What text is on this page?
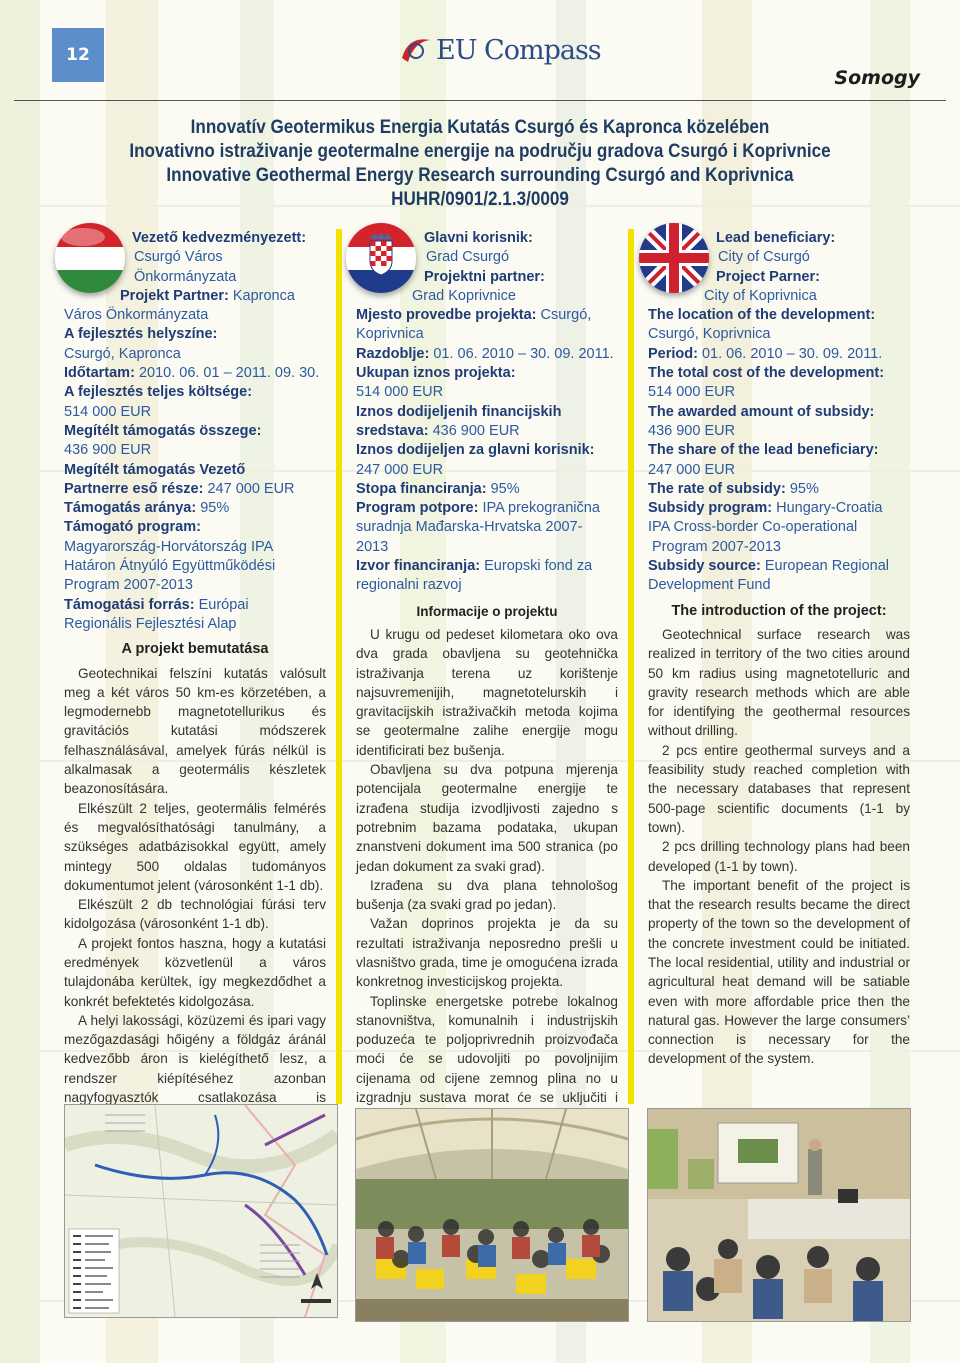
12	EU Compass
Somogy
Innovatív Geotermikus Energia Kutatás Csurgó és Kapronca közelében
Inovativno istraživanje geotermalne energije na području gradova Csurgó i Koprivnice
Innovative Geothermal Energy Research surrounding Csurgó and Koprivnica
HUHR/0901/2.1.3/0009
Vezető kedvezményezett:
Csurgó Város
Önkormányzata
Projekt Partner: Kapronca
Város Önkormányzata
A fejlesztés helyszíne:
Csurgó, Kapronca
Időtartam: 2010. 06. 01 – 2011. 09. 30.
A fejlesztés teljes költsége:
514 000 EUR
Megítélt támogatás összege:
436 900 EUR
Megítélt támogatás Vezető
Partnerre eső része: 247 000 EUR
Támogatás aránya: 95%
Támogató program:
Magyarország-Horvátország IPA
Határon Átnyúló Együttműködési
Program 2007-2013
Támogatási forrás: Európai
Regionális Fejlesztési Alap
A projekt bemutatása

Geotechnikai felszíni kutatás valósult meg a két város 50 km-es körzetében, a legmodernebb magnetotellurikus és gravitációs kutatási módszerek felhasználásával, amelyek fúrás nélkül is alkalmasak a geotermális készletek beazonosítására.

Elkészült 2 teljes, geotermális felmérés és megvalósíthatósági tanulmány, a szükséges adatbázisokkal együtt, amely mintegy 500 oldalas tudományos dokumentumot jelent (városonként 1-1 db).

Elkészült 2 db technológiai fúrási terv kidolgozása (városonként 1-1 db).

A projekt fontos haszna, hogy a kutatási eredmények közvetlenül a város tulajdonába kerültek, így megkezdődhet a konkrét befektetés kidolgozása.

A helyi lakossági, közüzemi és ipari vagy mezőgazdasági hőigény a földgáz áránál kedvezőbb áron is kielégíthető lesz, a rendszer kiépítéséhez azonban nagyfogyasztók csatlakozása is

Glavni korisnik:
Grad Csurgó
Projektni partner:
Grad Koprivnice
Mjesto provedbe projekta: Csurgó,
Koprivnica
Razdoblje: 01. 06. 2010 – 30. 09. 2011.
Ukupan iznos projekta:
514 000 EUR
Iznos dodijeljenih financijskih
sredstava: 436 900 EUR
Iznos dodijeljen za glavni korisnik:
247 000 EUR
Stopa financiranja: 95%
Program potpore: IPA prekogranična
suradnja Mađarska-Hrvatska 2007-
2013
Izvor financiranja: Europski fond za
regionalni razvoj
Informacije o projektu

U krugu od pedeset kilometara oko ova dva grada obavljena su geotehnička istraživanja terena uz korištenje najsuvremenijih, magnetotelurskih i gravitacijskih istraživačkih metoda kojima se geotermalne zalihe energije mogu identificirati bez bušenja.

Obavljena su dva potpuna mjerenja potencijala geotermalne energije te izrađena studija izvodljivosti zajedno s potrebnim bazama podataka, ukupan znanstveni dokument ima 500 stranica (po jedan dokument za svaki grad).

Izrađena su dva plana tehnološog bušenja (za svaki grad po jedan).

Važan doprinos projekta je da su rezultati istraživanja neposredno prešli u vlasništvo grada, time je omogućena izrada konkretnog investicijskog projekta.

Toplinske energetske potrebe lokalnog stanovništva, komunalnih i industrijskih poduzeća te poljoprivrednih proizvođača moći će se udovoljiti po povoljnijim cijenama od cijene zemnog plina no u izgradnju sustava morat će se uključiti i

Lead beneficiary:
City of Csurgó
Project Parner:
City of Koprivnica
The location of the development:
Csurgó, Koprivnica
Period: 01. 06. 2010 – 30. 09. 2011.
The total cost of the development:
514 000 EUR
The awarded amount of subsidy:
436 900 EUR
The share of the lead beneficiary:
247 000 EUR
The rate of subsidy: 95%
Subsidy program: Hungary-Croatia
IPA Cross-border Co-operational
Program 2007-2013
Subsidy source: European Regional
Development Fund
The introduction of the project:

Geotechnical surface research was realized in territory of the two cities around 50 km radius using magnetotelluric and gravity research methods which are able for identifying the geothermal resources without drilling.

2 pcs entire geothermal surveys and a feasibility study reached completion with the necessary databases that represent 500-page scientific documents (1-1 by town).

2 pcs drilling technology plans had been developed (1-1 by town).

The important benefit of the project is that the research results became the direct property of the town so the development of the concrete investment could be initiated. The local residential, utility and industrial or agricultural heat demand will be satiable even with more affordable price then the natural gas. However the large consumers’ connection is necessary for the development of the system.
